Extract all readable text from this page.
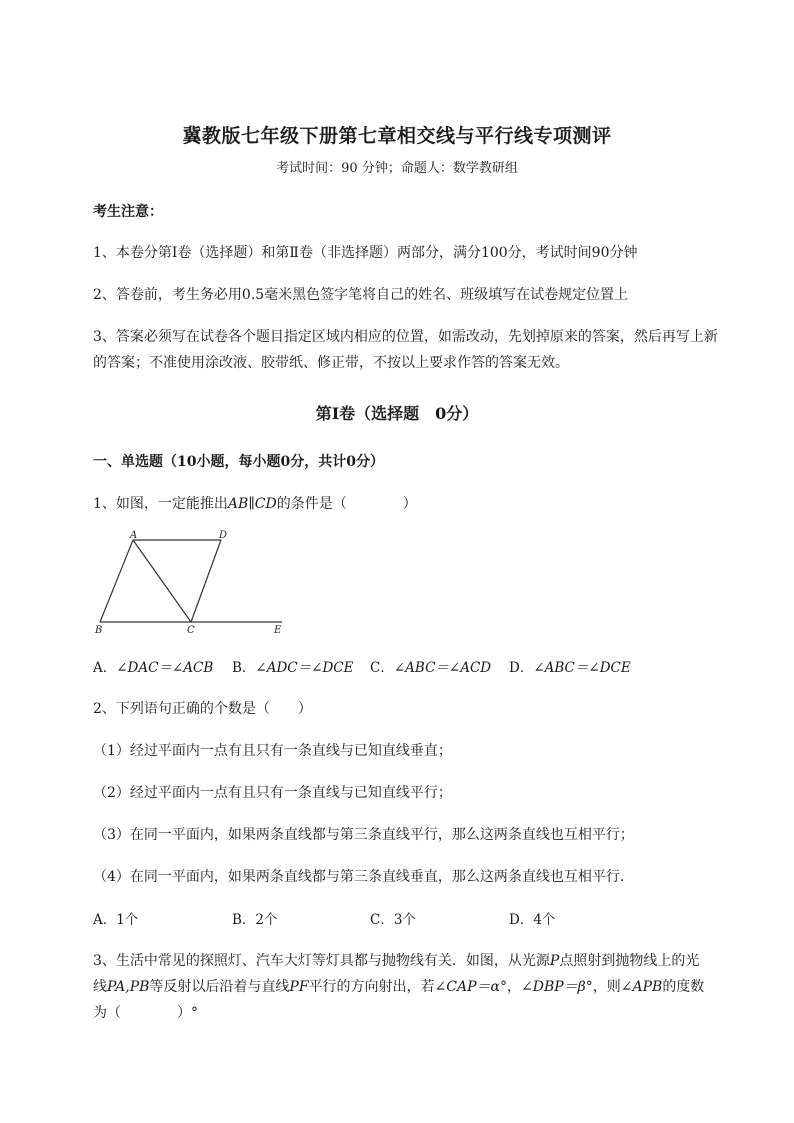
冀教版七年级下册第七章相交线与平行线专项测评
考试时间：90 分钟；命题人：数学教研组
考生注意：
1、本卷分第Ⅰ卷（选择题）和第Ⅱ卷（非选择题）两部分，满分100分，考试时间90分钟
2、答卷前，考生务必用0.5毫米黑色签字笔将自己的姓名、班级填写在试卷规定位置上
3、答案必须写在试卷各个题目指定区域内相应的位置，如需改动，先划掉原来的答案，然后再写上新
的答案；不准使用涂改液、胶带纸、修正带，不按以上要求作答的答案无效。
第Ⅰ卷（选择题　0分）
一、单选题（10小题，每小题0分，共计0分）
1、如图，一定能推出AB∥CD的条件是（　　　　）
A	D
B	C	E
A．∠DAC＝∠ACB B．∠ADC＝∠DCE C．∠ABC＝∠ACD D．∠ABC＝∠DCE
2、下列语句正确的个数是（　　）
（1）经过平面内一点有且只有一条直线与已知直线垂直；
（2）经过平面内一点有且只有一条直线与已知直线平行；
（3）在同一平面内，如果两条直线都与第三条直线平行，那么这两条直线也互相平行；
（4）在同一平面内，如果两条直线都与第三条直线垂直，那么这两条直线也互相平行．
A．1个	B．2个	C．3个	D．4个
3、生活中常见的探照灯、汽车大灯等灯具都与抛物线有关．如图，从光源P点照射到抛物线上的光
线PA,PB等反射以后沿着与直线PF平行的方向射出，若∠CAP＝α°，∠DBP＝β°，则∠APB的度数
为（　　　　）°
